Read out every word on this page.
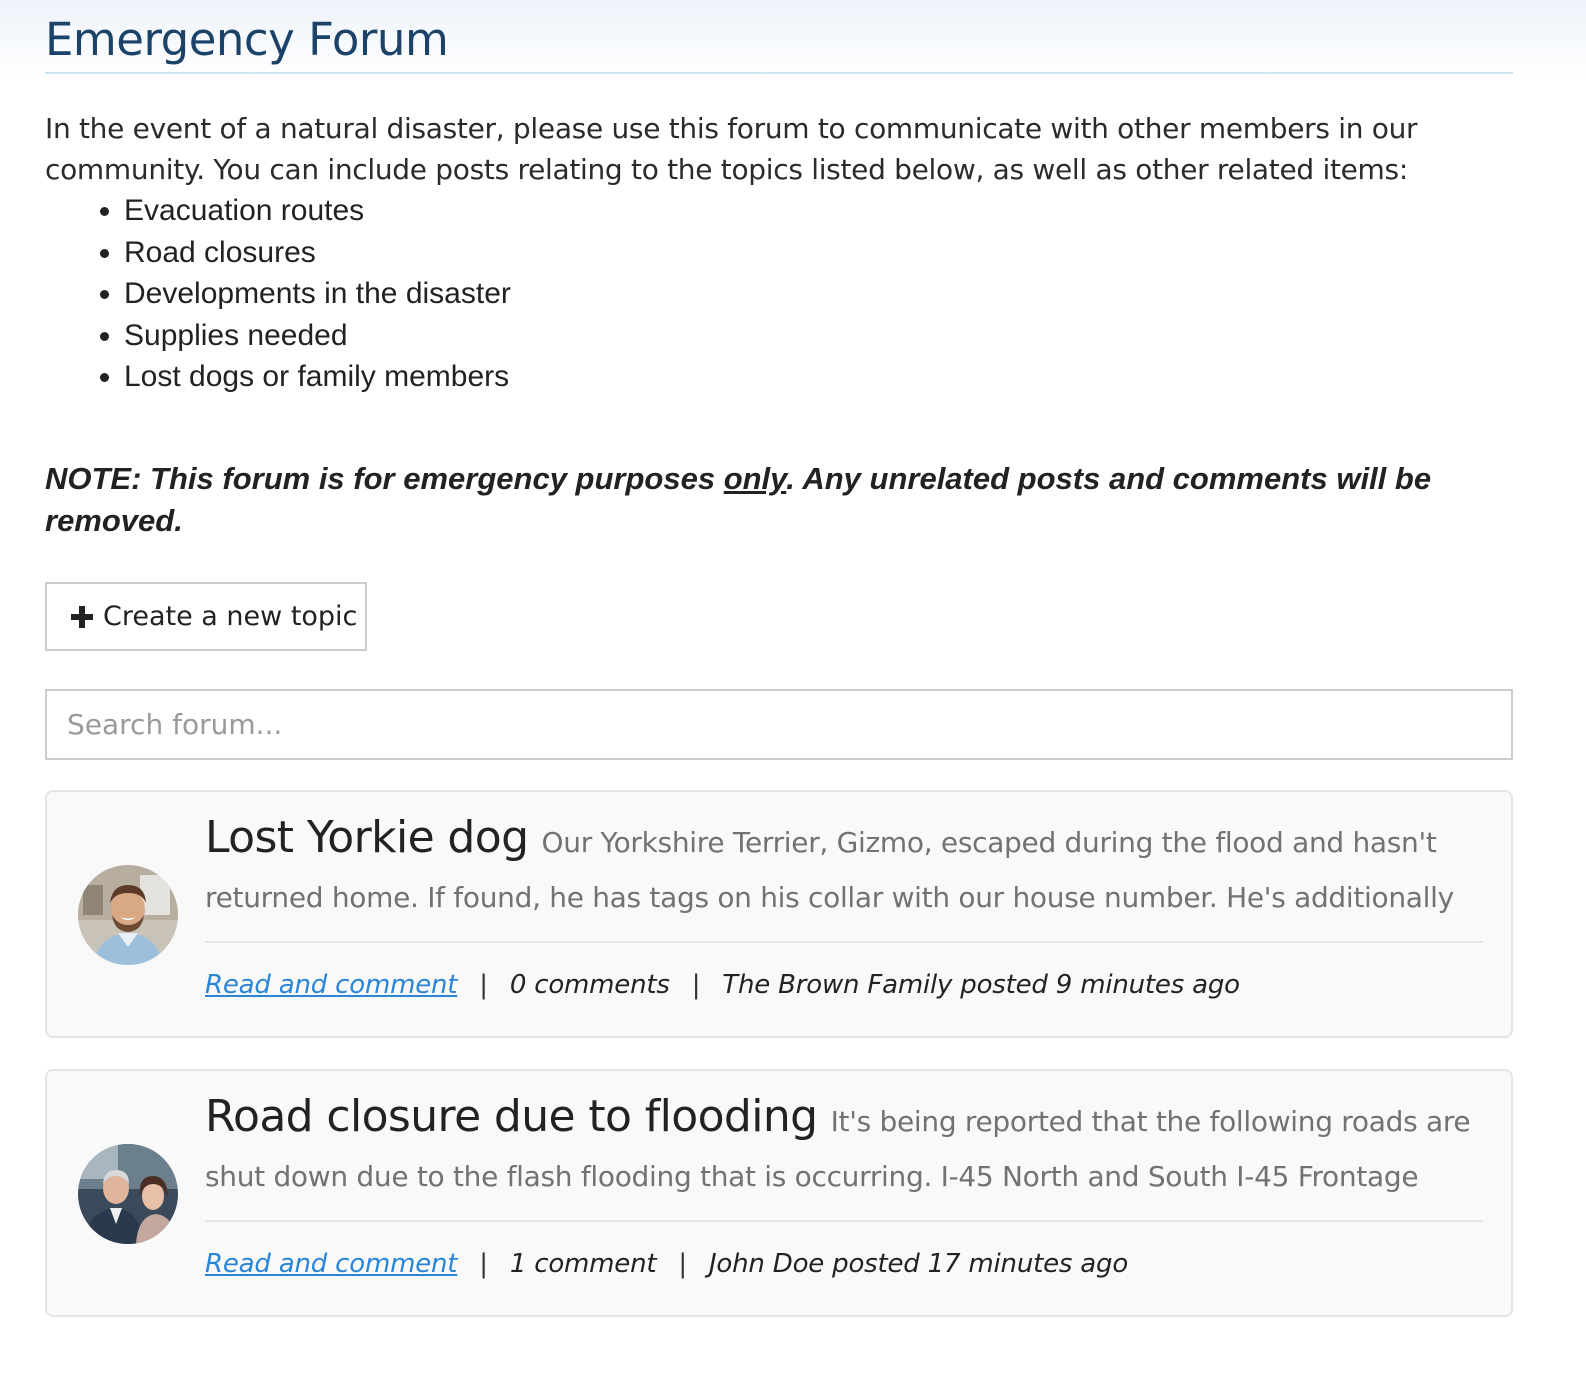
Emergency Forum

In the event of a natural disaster, please use this forum to communicate with other members in our community. You can include posts relating to the topics listed below, as well as other related items:

• Evacuation routes
• Road closures
• Developments in the disaster
• Supplies needed
• Lost dogs or family members

NOTE: This forum is for emergency purposes only. Any unrelated posts and comments will be removed.

Create a new topic
Search forum...

Lost Yorkie dog Our Yorkshire Terrier, Gizmo, escaped during the flood and hasn't returned home. If found, he has tags on his collar with our house number. He's additionally

Read and comment | 0 comments | The Brown Family posted 9 minutes ago

Road closure due to flooding It's being reported that the following roads are shut down due to the flash flooding that is occurring. I-45 North and South I-45 Frontage

Read and comment | 1 comment | John Doe posted 17 minutes ago
